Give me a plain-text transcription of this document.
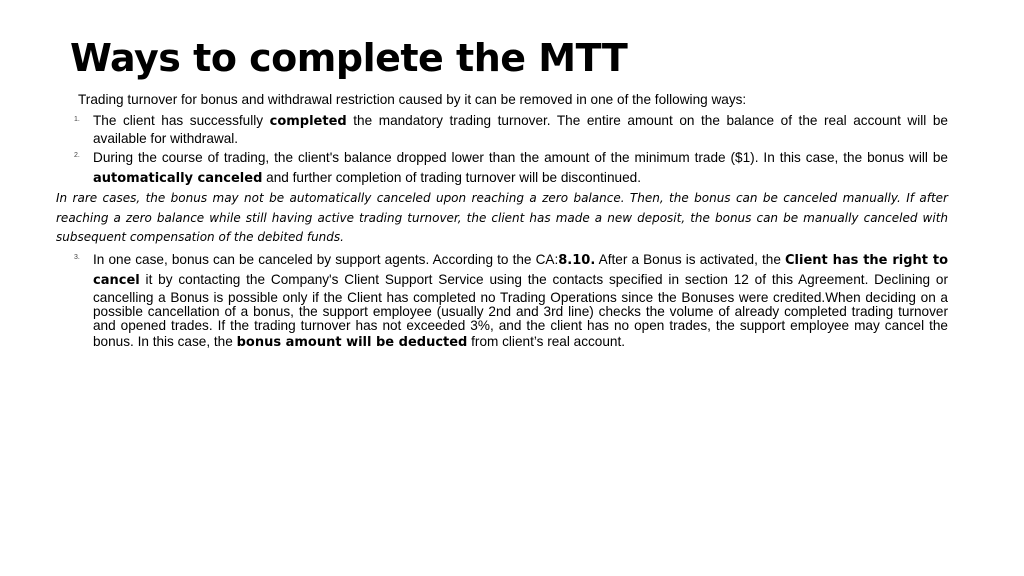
Ways to complete the MTT

Trading turnover for bonus and withdrawal restriction caused by it can be removed in one of the following ways:

1. The client has successfully completed the mandatory trading turnover. The entire amount on the balance of the real account will be available for withdrawal.

2. During the course of trading, the client's balance dropped lower than the amount of the minimum trade ($1). In this case, the bonus will be automatically canceled and further completion of trading turnover will be discontinued.

In rare cases, the bonus may not be automatically canceled upon reaching a zero balance. Then, the bonus can be canceled manually. If after reaching a zero balance while still having active trading turnover, the client has made a new deposit, the bonus can be manually canceled with subsequent compensation of the debited funds.

3. In one case, bonus can be canceled by support agents. According to the CA:8.10. After a Bonus is activated, the Client has the right to cancel it by contacting the Company's Client Support Service using the contacts specified in section 12 of this Agreement. Declining or cancelling a Bonus is possible only if the Client has completed no Trading Operations since the Bonuses were credited.When deciding on a possible cancellation of a bonus, the support employee (usually 2nd and 3rd line) checks the volume of already completed trading turnover and opened trades. If the trading turnover has not exceeded 3%, and the client has no open trades, the support employee may cancel the bonus. In this case, the bonus amount will be deducted from client’s real account.
